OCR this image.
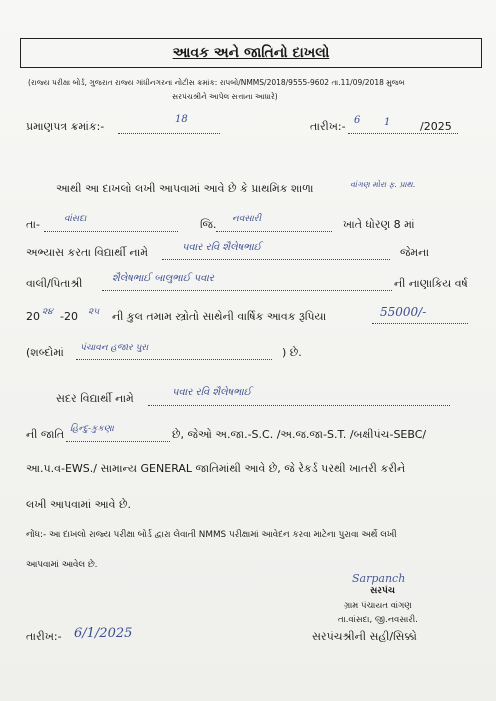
આવક અને જાતિનો દાખલો
(રાજ્ય પરીક્ષા બોર્ડ, ગુજરાત રાજ્ય ગાંધીનગરના નોટીસ ક્રમાંક: રાપબો/NMMS/2018/9555-9602 તા.11/09/2018 મુજબ
સરપંચશ્રીને આપેલ સત્તાના આધારે)
પ્રમાણપત્ર ક્રમાંક:-
18
તારીખ:- 6 1	/2025
આથી આ દાખલો લખી આપવામાં આવે છે કે પ્રાથમિક શાળા	વાંગણ મોરા ફ. પ્રાથ.
તા-	વાંસદા	જિ. નવસારી	ખાતે ધોરણ 8 માં
અભ્યાસ કરતા વિદ્યાર્થી નામે	પવાર રવિ શૈલેષભાઈ	જેમના
વાલી/પિતાશ્રી	શૈલેષભાઈ બાલુભાઈ પવાર	ની નાણાકિય વર્ષ
20 ૨૪ -20 ૨૫ ની કુલ તમામ સ્ત્રોતો સાથેની વાર્ષિક આવક રૂપિયા	55000/-
(શબ્દોમાં પંચાવન હજાર પુરા	) છે.
સદર વિદ્યાર્થી નામે	પવાર રવિ શૈલેષભાઈ
ની જાતિ હિન્દુ-કુકણા	છે, જેઓ અ.જા.-S.C. /અ.જ.જા-S.T. /બક્ષીપંચ-SEBC/
આ.પ.વ-EWS./ સામાન્ય GENERAL જાતિમાંથી આવે છે, જે રેકર્ડ પરથી ખાતરી કરીને
લખી આપવામાં આવે છે.
નોંધ:- આ દાખલો રાજ્ય પરીક્ષા બોર્ડ દ્વારા લેવાતી NMMS પરીક્ષામાં આવેદન કરવા માટેના પુરાવા અર્થે લખી
આપવામાં આવેલ છે.
Sarpanch
સરપંચ
ગ્રામ પંચાયત વાંગણ
તા.વાંસદા, જી.નવસારી.
તારીખ:- 6/1/2025	સરપંચશ્રીની સહી/સિક્કો
